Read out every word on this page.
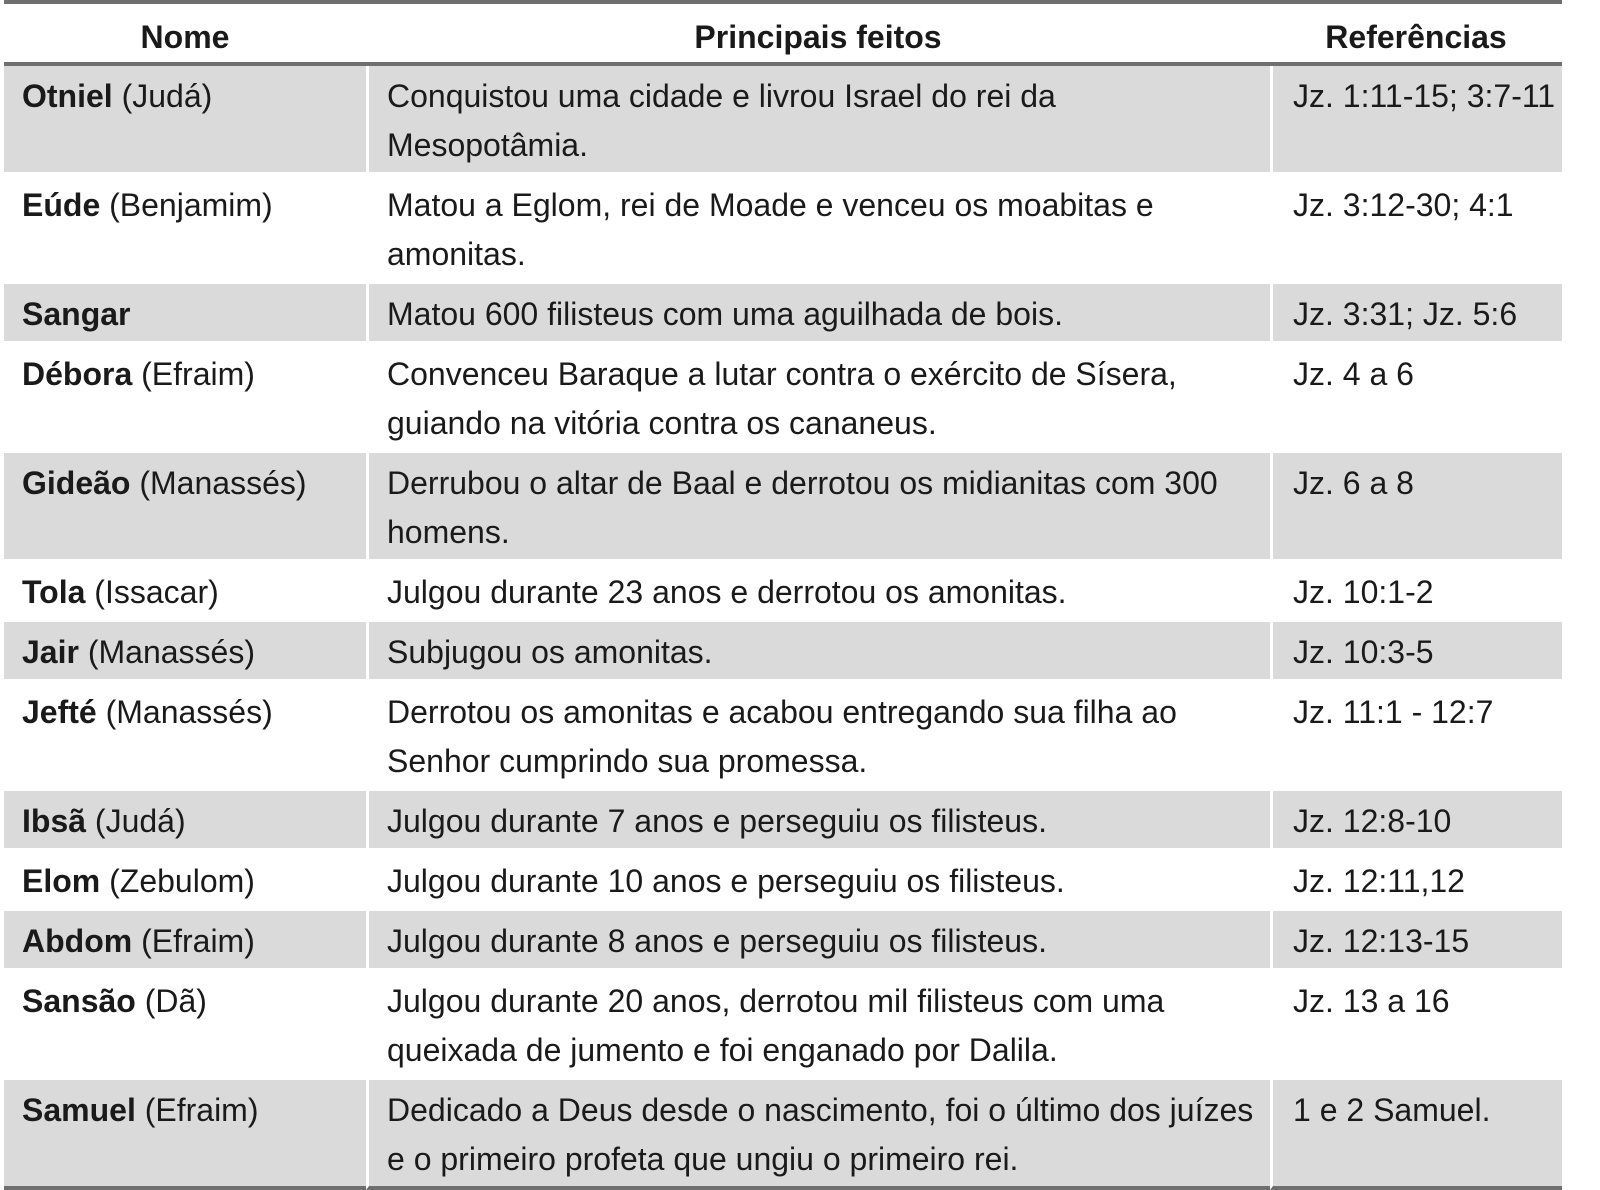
Nome	Principais feitos	Referências
Otniel (Judá)	Conquistou uma cidade e livrou Israel do rei da Mesopotâmia.	Jz. 1:11-15; 3:7-11
Eúde (Benjamim)	Matou a Eglom, rei de Moade e venceu os moabitas e amonitas.	Jz. 3:12-30; 4:1
Sangar	Matou 600 filisteus com uma aguilhada de bois.	Jz. 3:31; Jz. 5:6
Débora (Efraim)	Convenceu Baraque a lutar contra o exército de Sísera, guiando na vitória contra os cananeus.	Jz. 4 a 6
Gideão (Manassés)	Derrubou o altar de Baal e derrotou os midianitas com 300 homens.	Jz. 6 a 8
Tola (Issacar)	Julgou durante 23 anos e derrotou os amonitas.	Jz. 10:1-2
Jair (Manassés)	Subjugou os amonitas.	Jz. 10:3-5
Jefté (Manassés)	Derrotou os amonitas e acabou entregando sua filha ao Senhor cumprindo sua promessa.	Jz. 11:1 - 12:7
Ibsã (Judá)	Julgou durante 7 anos e perseguiu os filisteus.	Jz. 12:8-10
Elom (Zebulom)	Julgou durante 10 anos e perseguiu os filisteus.	Jz. 12:11,12
Abdom (Efraim)	Julgou durante 8 anos e perseguiu os filisteus.	Jz. 12:13-15
Sansão (Dã)	Julgou durante 20 anos, derrotou mil filisteus com uma queixada de jumento e foi enganado por Dalila.	Jz. 13 a 16
Samuel (Efraim)	Dedicado a Deus desde o nascimento, foi o último dos juízes e o primeiro profeta que ungiu o primeiro rei.	1 e 2 Samuel.
